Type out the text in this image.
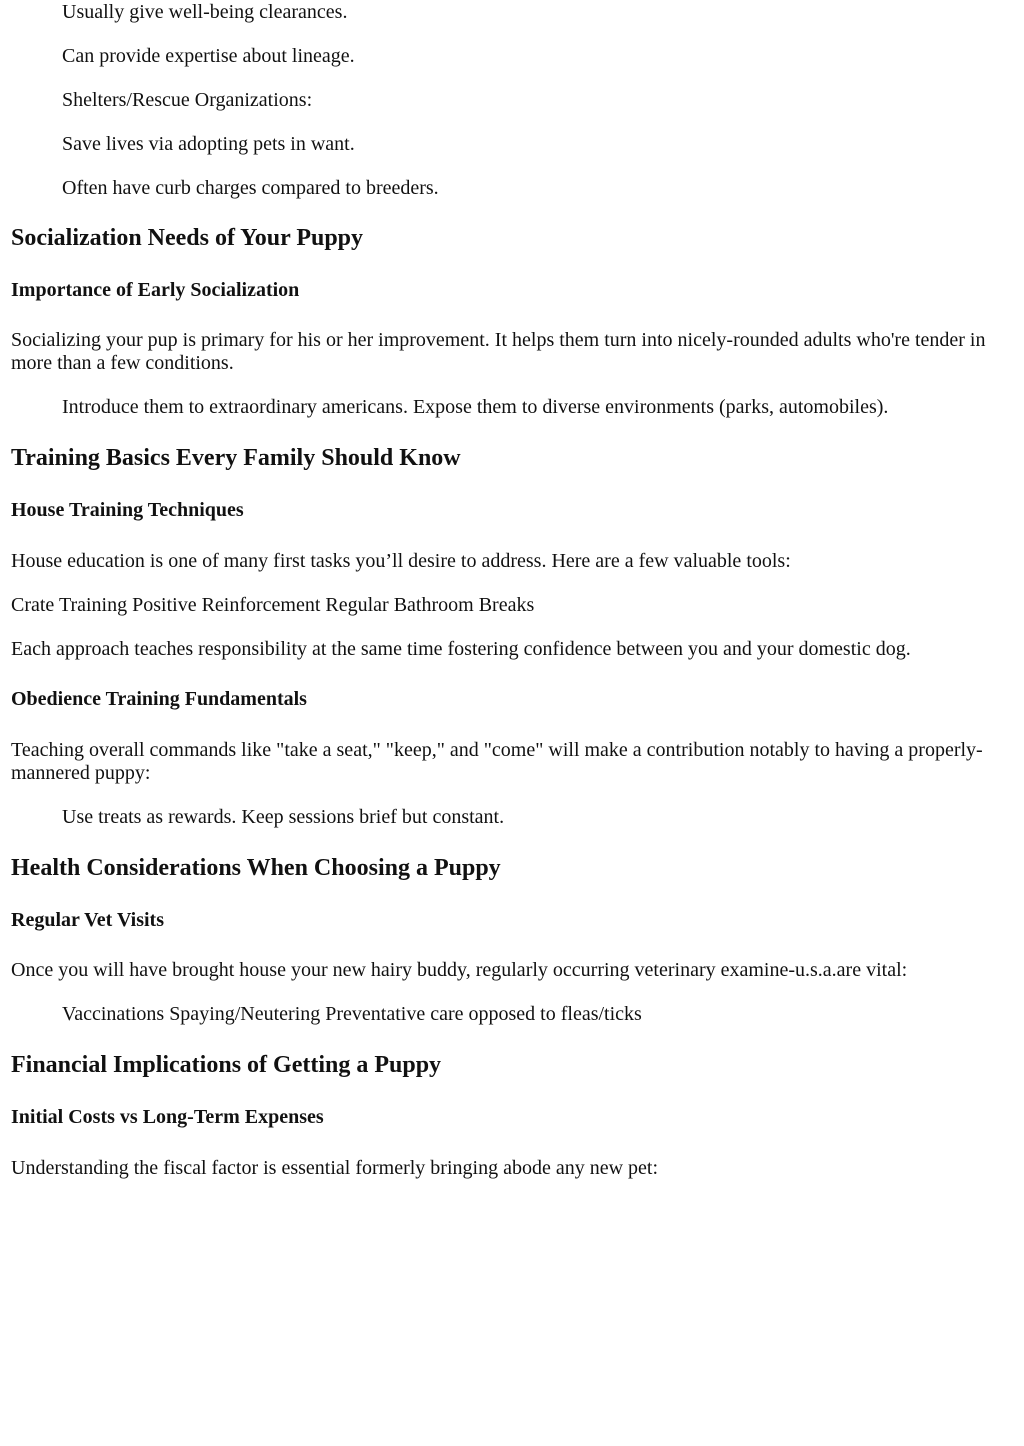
Usually give well-being clearances.

Can provide expertise about lineage.

Shelters/Rescue Organizations:

Save lives via adopting pets in want.

Often have curb charges compared to breeders.

Socialization Needs of Your Puppy
Importance of Early Socialization

Socializing your pup is primary for his or her improvement. It helps them turn into nicely-rounded adults who're tender in more than a few conditions.

Introduce them to extraordinary americans. Expose them to diverse environments (parks, automobiles).

Training Basics Every Family Should Know
House Training Techniques

House education is one of many first tasks you’ll desire to address. Here are a few valuable tools:

Crate Training Positive Reinforcement Regular Bathroom Breaks

Each approach teaches responsibility at the same time fostering confidence between you and your domestic dog.

Obedience Training Fundamentals

Teaching overall commands like "take a seat," "keep," and "come" will make a contribution notably to having a properly-mannered puppy:

Use treats as rewards. Keep sessions brief but constant.

Health Considerations When Choosing a Puppy
Regular Vet Visits

Once you will have brought house your new hairy buddy, regularly occurring veterinary examine-u.s.a.are vital:

Vaccinations Spaying/Neutering Preventative care opposed to fleas/ticks

Financial Implications of Getting a Puppy
Initial Costs vs Long-Term Expenses

Understanding the fiscal factor is essential formerly bringing abode any new pet:
